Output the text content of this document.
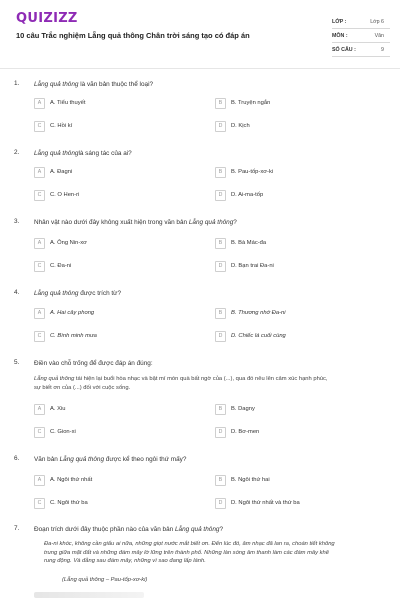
QUIZIZZ
10 câu Trắc nghiệm Lẵng quả thông Chân trời sáng tạo có đáp án
LỚP :	Lớp 6
MÔN :	Văn
SỐ CÂU :	9
1. Lẵng quả thông là văn bản thuộc thể loại?
A	A. Tiểu thuyết	B	B. Truyện ngắn
C	C. Hồi kí	D	D. Kịch
2. Lẵng quả thônglà sáng tác của ai?
A	A. Đagni	B	B. Pau-tốp-xơ-ki
C	C. O Hen-ri	D	D. Ai-ma-tốp
3. Nhân vật nào dưới đây không xuất hiện trong văn bản Lẵng quả thông?
A	A. Ông Nin-xơ	B	B. Bà Mác-đa
C	C. Đa-ni	D	D. Bạn trai Đa-ni
4. Lẵng quả thông được trích từ?
A	A. Hai cây phong	B	B. Thương nhớ Đa-ni
C	C. Bình minh mưa	D	D. Chiếc lá cuối cùng
5. Điền vào chỗ trống để được đáp án đúng:
Lẵng quả thông tái hiện lại buổi hòa nhạc và bật mí món quà bất ngờ của (...), qua đó nêu lên cảm xúc hạnh phúc,
sự biết ơn của (...) đối với cuộc sống.
A	A. Xiu	B	B. Dagny
C	C. Gion-xi	D	D. Bơ-men
6. Văn bản Lẵng quả thông được kể theo ngôi thứ mấy?
A	A. Ngôi thứ nhất	B	B. Ngôi thứ hai
C	C. Ngôi thứ ba	D	D. Ngôi thứ nhất và thứ ba
7. Đoạn trích dưới đây thuộc phần nào của văn bản Lẵng quả thông?
Đa-ni khóc, không cần giấu ai nữa, những giọt nước mắt biết ơn. Đến lúc đó, âm nhạc đã lan ra, choán tiết không
trung giữa mặt đất và những đám mây lờ lững trên thành phố. Những làn sóng âm thanh làm các đám mây khẽ
rung động. Và đằng sau đám mây, những vì sao đang lấp lánh.
(Lẵng quả thông – Pau-tốp-xơ-ki)
